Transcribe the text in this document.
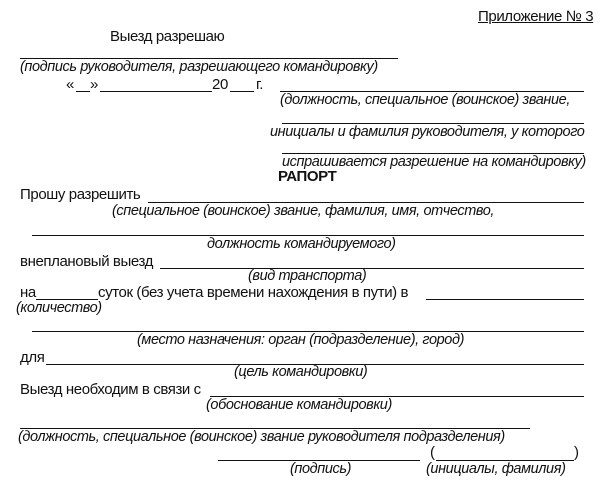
Приложение № 3
Выезд разрешаю
(подпись руководителя, разрешающего командировку)
« »	20 г.
(должность, специальное (воинское) звание,
инициалы и фамилия руководителя, у которого
испрашивается разрешение на командировку)
РАПОРТ
Прошу разрешить
(специальное (воинское) звание, фамилия, имя, отчество,
должность командируемого)
внеплановый выезд
(вид транспорта)
на	суток (без учета времени нахождения в пути) в
(количество)
(место назначения: орган (подразделение), город)
для
(цель командировки)
Выезд необходим в связи с
(обоснование командировки)
(должность, специальное (воинское) звание руководителя подразделения)
(подпись)
(	)
(инициалы, фамилия)
